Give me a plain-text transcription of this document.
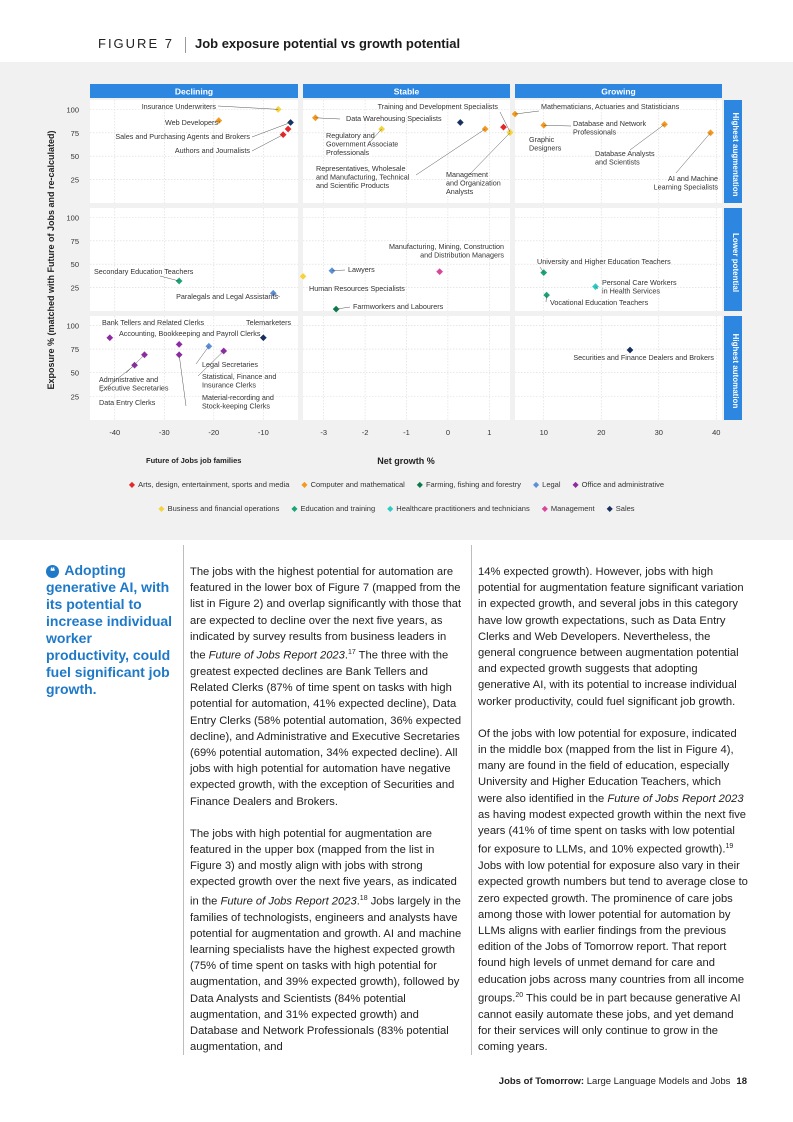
FIGURE 7 Job exposure potential vs growth potential
Declining	Stable	Growing
Highest augmentation
Lower potential
Highest automation
25
50
75
100
25
50
75
100
25
50
75
100
-40	-30	-20	-10	-3	-2	-1	0	1	10	20	30	40
Exposure % (matched with Future of Jobs and re-calculated)
Net growth %
Insurance Underwriters
Web Developers
Sales and Purchasing Agents and Brokers
Authors and Journalists
Training and Development Specialists
Data Warehousing Specialists
Regulatory and Government Associate Professionals
Representatives, Wholesale and Manufacturing, Technical and Scientific Products
Management and Organization Analysts
Mathematicians, Actuaries and Statisticians
Graphic Designers
Database and Network Professionals
Database Analysts and Scientists
AI and Machine Learning Specialists
Secondary Education Teachers
Paralegals and Legal Assistants
Manufacturing, Mining, Construction and Distribution Managers
Lawyers
Human Resources Specialists
Farmworkers and Labourers
University and Higher Education Teachers
Personal Care Workers in Health Services
Vocational Education Teachers
Bank Tellers and Related Clerks
Accounting, Bookkeeping and Payroll Clerks
Telemarketers
Administrative and Executive Secretaries
Data Entry Clerks
Legal Secretaries
Statistical, Finance and Insurance Clerks
Material-recording and Stock-keeping Clerks
Securities and Finance Dealers and Brokers
Future of Jobs job families
◆ Arts, design, entertainment, sports and media ◆ Computer and mathematical ◆ Farming, fishing and forestry ◆ Legal ◆ Office and administrative
◆ Business and financial operations ◆ Education and training ◆ Healthcare practitioners and technicians ◆ Management ◆ Sales
❝ Adopting generative AI, with its potential to increase individual worker productivity, could fuel significant job growth.

The jobs with the highest potential for automation are featured in the lower box of Figure 7 (mapped from the list in Figure 2) and overlap significantly with those that are expected to decline over the next five years, as indicated by survey results from business leaders in the Future of Jobs Report 2023.17 The three with the greatest expected declines are Bank Tellers and Related Clerks (87% of time spent on tasks with high potential for automation, 41% expected decline), Data Entry Clerks (58% potential automation, 36% expected decline), and Administrative and Executive Secretaries (69% potential automation, 34% expected decline). All jobs with high potential for automation have negative expected growth, with the exception of Securities and Finance Dealers and Brokers.

The jobs with high potential for augmentation are featured in the upper box (mapped from the list in Figure 3) and mostly align with jobs with strong expected growth over the next five years, as indicated in the Future of Jobs Report 2023.18 Jobs largely in the families of technologists, engineers and analysts have potential for augmentation and growth. AI and machine learning specialists have the highest expected growth (75% of time spent on tasks with high potential for augmentation, and 39% expected growth), followed by Data Analysts and Scientists (84% potential augmentation, and 31% expected growth) and Database and Network Professionals (83% potential augmentation, and

14% expected growth). However, jobs with high potential for augmentation feature significant variation in expected growth, and several jobs in this category have low growth expectations, such as Data Entry Clerks and Web Developers. Nevertheless, the general congruence between augmentation potential and expected growth suggests that adopting generative AI, with its potential to increase individual worker productivity, could fuel significant job growth.

Of the jobs with low potential for exposure, indicated in the middle box (mapped from the list in Figure 4), many are found in the field of education, especially University and Higher Education Teachers, which were also identified in the Future of Jobs Report 2023 as having modest expected growth within the next five years (41% of time spent on tasks with low potential for exposure to LLMs, and 10% expected growth).$^{19}$ Jobs with low potential for exposure also vary in their expected growth numbers but tend to average close to zero expected growth. The prominence of care jobs among those with lower potential for automation by LLMs aligns with earlier findings from the previous edition of the Jobs of Tomorrow report. That report found high levels of unmet demand for care and education jobs across many countries from all income groups.$^{20}$ This could be in part because generative AI cannot easily automate these jobs, and yet demand for their services will only continue to grow in the coming years.

Jobs of Tomorrow: Large Language Models and Jobs 18
